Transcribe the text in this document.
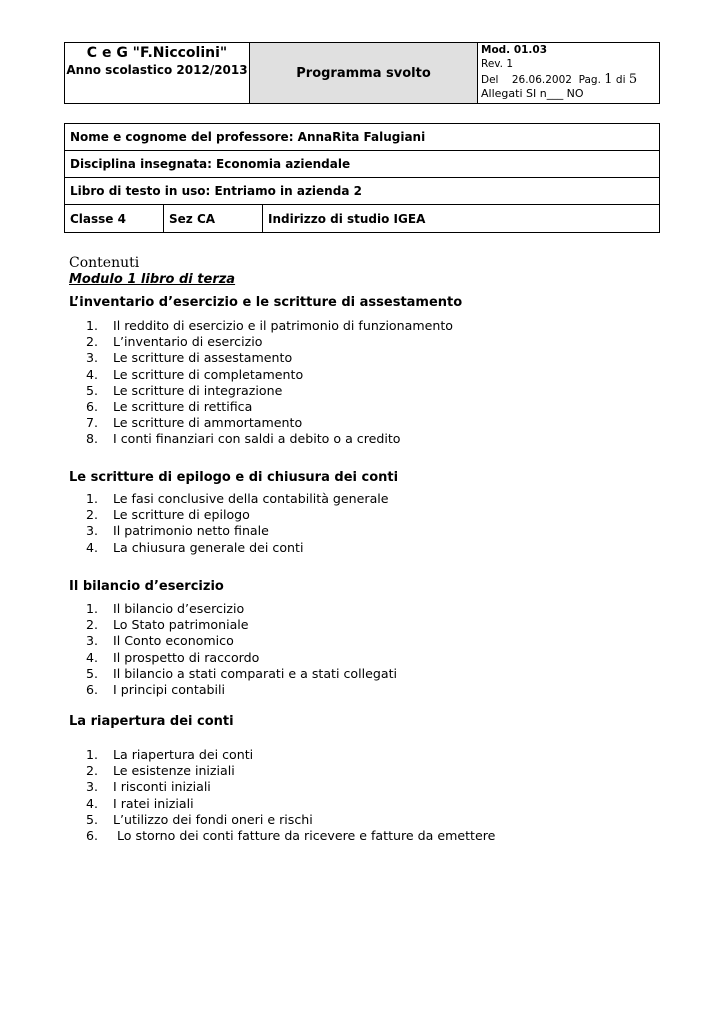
C e G "F.Niccolini"
Anno scolastico 2012/2013	Programma svolto
Mod. 01.03
Rev. 1
Del 26.06.2002 Pag. 1 di 5
Allegati SI n___ NO
Nome e cognome del professore: AnnaRita Falugiani
Disciplina insegnata: Economia aziendale
Libro di testo in uso: Entriamo in azienda 2
Classe 4	Sez CA	Indirizzo di studio IGEA
Contenuti
Modulo 1 libro di terza
L’inventario d’esercizio e le scritture di assestamento
1.	Il reddito di esercizio e il patrimonio di funzionamento
2.	L’inventario di esercizio
3.	Le scritture di assestamento
4.	Le scritture di completamento
5.	Le scritture di integrazione
6.	Le scritture di rettifica
7.	Le scritture di ammortamento
8.	I conti finanziari con saldi a debito o a credito
Le scritture di epilogo e di chiusura dei conti
1.	Le fasi conclusive della contabilità generale
2.	Le scritture di epilogo
3.	Il patrimonio netto finale
4.	La chiusura generale dei conti
Il bilancio d’esercizio
1.	Il bilancio d’esercizio
2.	Lo Stato patrimoniale
3.	Il Conto economico
4.	Il prospetto di raccordo
5.	Il bilancio a stati comparati e a stati collegati
6.	I principi contabili
La riapertura dei conti
1.	La riapertura dei conti
2.	Le esistenze iniziali
3.	I risconti iniziali
4.	I ratei iniziali
5.	L’utilizzo dei fondi oneri e rischi
6.	Lo storno dei conti fatture da ricevere e fatture da emettere
